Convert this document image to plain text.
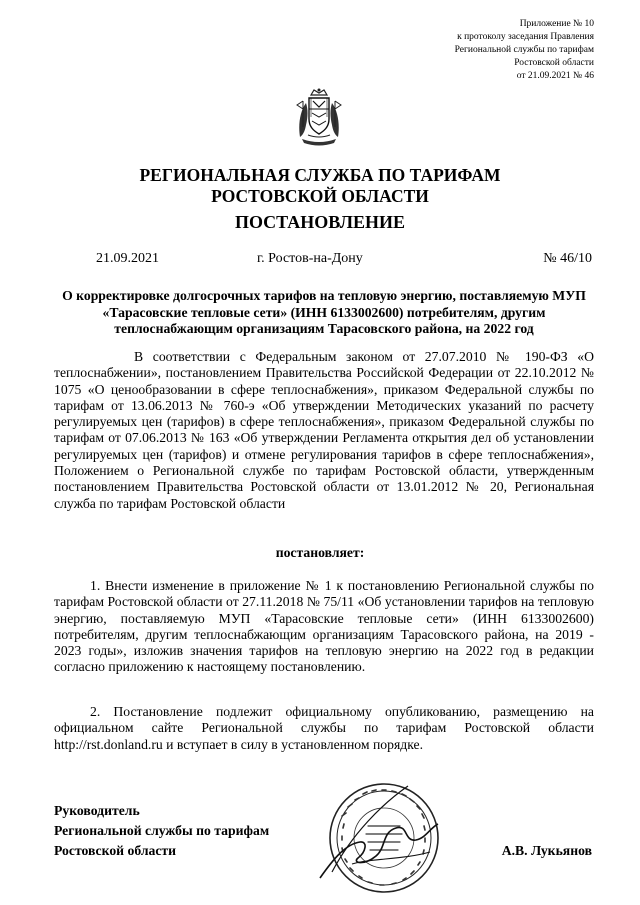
Приложение № 10
к протоколу заседания Правления
Региональной службы по тарифам
Ростовской области
от 21.09.2021 № 46
РЕГИОНАЛЬНАЯ СЛУЖБА ПО ТАРИФАМ
РОСТОВСКОЙ ОБЛАСТИ
ПОСТАНОВЛЕНИЕ
21.09.2021	г. Ростов-на-Дону	№ 46/10
О корректировке долгосрочных тарифов на тепловую энергию, поставляемую МУП «Тарасовские тепловые сети» (ИНН 6133002600) потребителям, другим теплоснабжающим организациям Тарасовского района, на 2022 год
В соответствии с Федеральным законом от 27.07.2010 № 190-ФЗ «О теплоснабжении», постановлением Правительства Российской Федерации от 22.10.2012 № 1075 «О ценообразовании в сфере теплоснабжения», приказом Федеральной службы по тарифам от 13.06.2013 № 760-э «Об утверждении Методических указаний по расчету регулируемых цен (тарифов) в сфере теплоснабжения», приказом Федеральной службы по тарифам от 07.06.2013 № 163 «Об утверждении Регламента открытия дел об установлении регулируемых цен (тарифов) и отмене регулирования тарифов в сфере теплоснабжения», Положением о Региональной службе по тарифам Ростовской области, утвержденным постановлением Правительства Ростовской области от 13.01.2012 № 20, Региональная служба по тарифам Ростовской области
постановляет:
1. Внести изменение в приложение № 1 к постановлению Региональной службы по тарифам Ростовской области от 27.11.2018 № 75/11 «Об установлении тарифов на тепловую энергию, поставляемую МУП «Тарасовские тепловые сети» (ИНН 6133002600) потребителям, другим теплоснабжающим организациям Тарасовского района, на 2019 - 2023 годы», изложив значения тарифов на тепловую энергию на 2022 год в редакции согласно приложению к настоящему постановлению.
2. Постановление подлежит официальному опубликованию, размещению на официальном сайте Региональной службы по тарифам Ростовской области http://rst.donland.ru и вступает в силу в установленном порядке.
Руководитель
Региональной службы по тарифам
Ростовской области	А.В. Лукьянов
